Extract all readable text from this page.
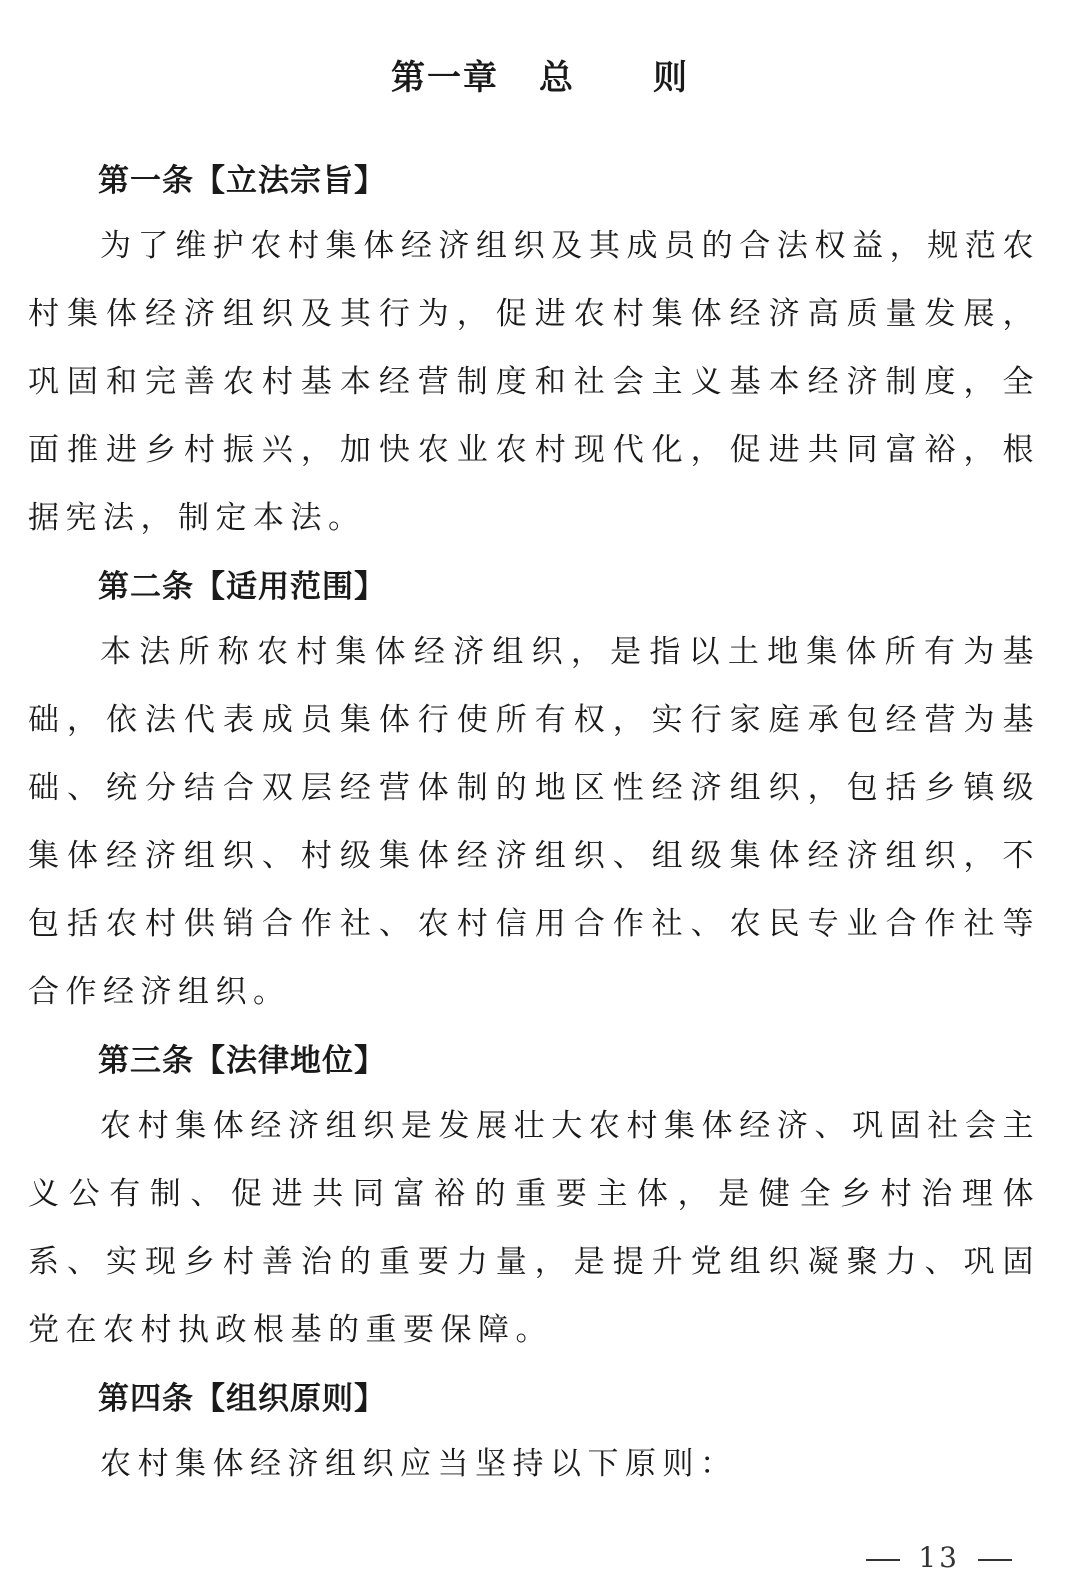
第一章 总 则
第一条【立法宗旨】

为了维护农村集体经济组织及其成员的合法权益，规范农村集体经济组织及其行为，促进农村集体经济高质量发展，巩固和完善农村基本经营制度和社会主义基本经济制度，全面推进乡村振兴，加快农业农村现代化，促进共同富裕，根据宪法，制定本法。

第二条【适用范围】

本法所称农村集体经济组织，是指以土地集体所有为基础，依法代表成员集体行使所有权，实行家庭承包经营为基础、统分结合双层经营体制的地区性经济组织，包括乡镇级集体经济组织、村级集体经济组织、组级集体经济组织，不包括农村供销合作社、农村信用合作社、农民专业合作社等合作经济组织。

第三条【法律地位】

农村集体经济组织是发展壮大农村集体经济、巩固社会主义公有制、促进共同富裕的重要主体，是健全乡村治理体系、实现乡村善治的重要力量，是提升党组织凝聚力、巩固党在农村执政根基的重要保障。

第四条【组织原则】

农村集体经济组织应当坚持以下原则：

13
